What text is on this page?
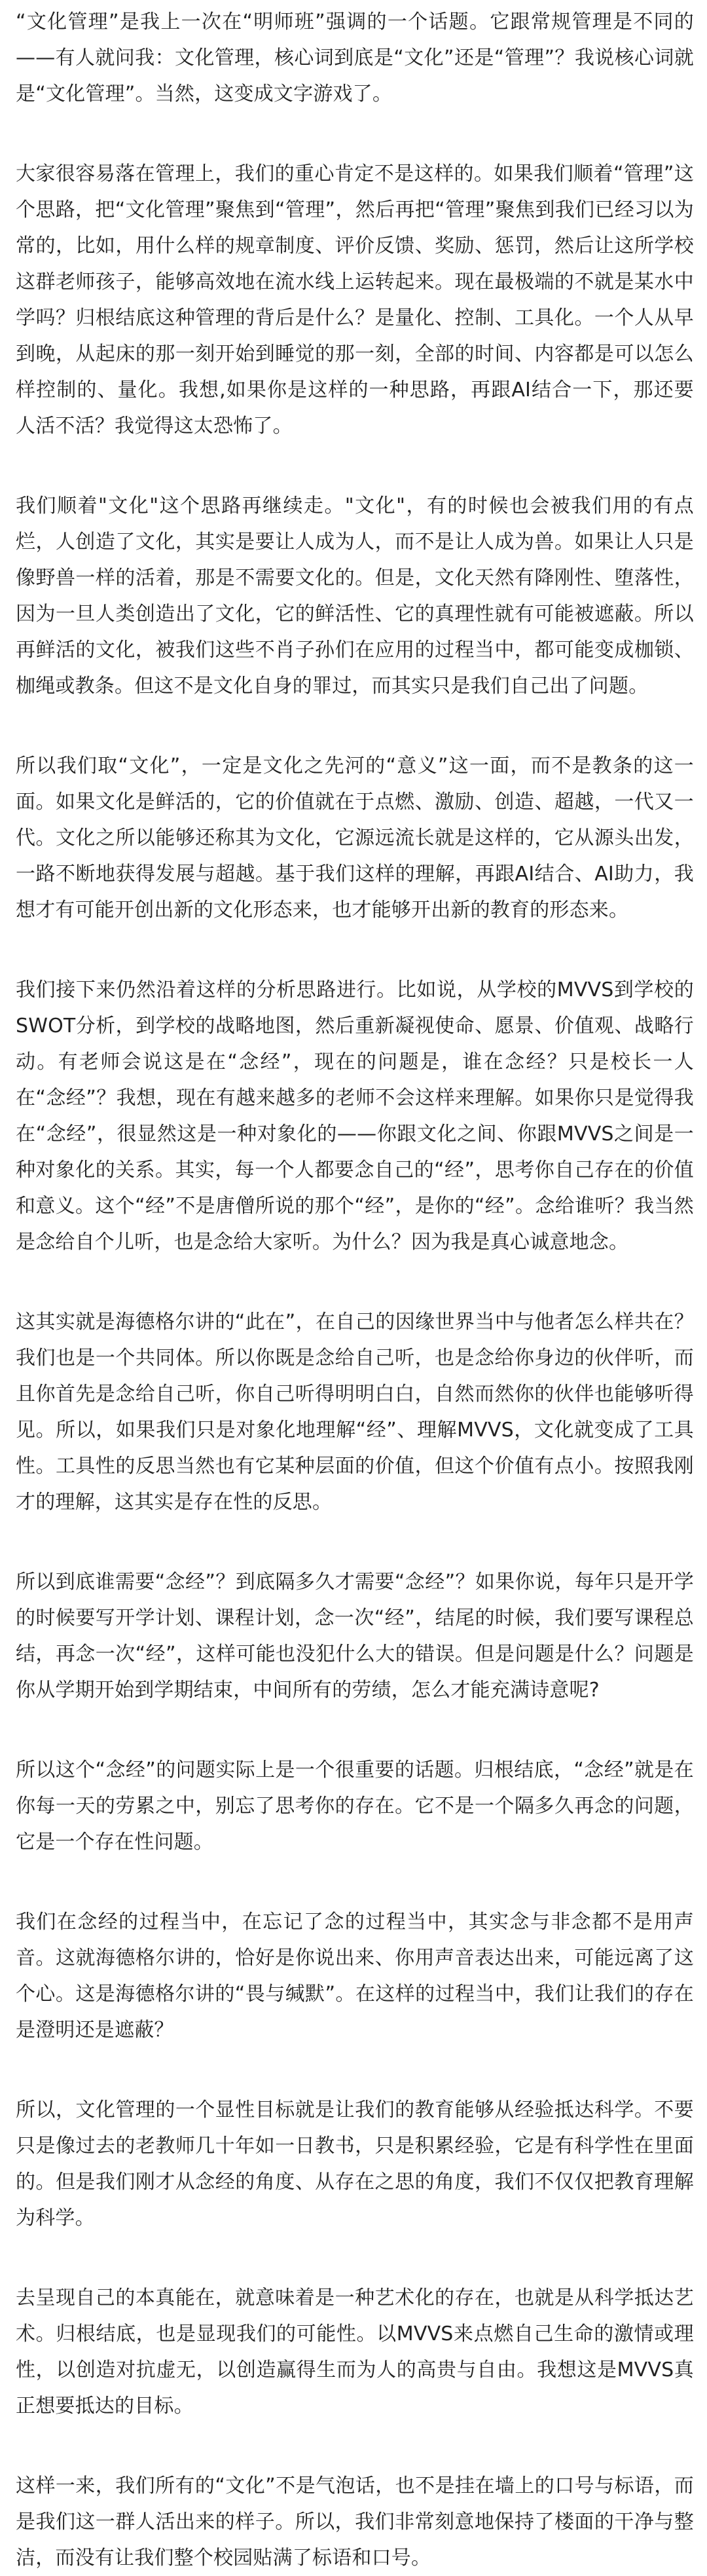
“文化管理”是我上一次在“明师班”强调的一个话题。它跟常规管理是不同的——有人就问我：文化管理，核心词到底是“文化”还是“管理”？我说核心词就是“文化管理”。当然，这变成文字游戏了。

大家很容易落在管理上，我们的重心肯定不是这样的。如果我们顺着“管理”这个思路，把“文化管理”聚焦到“管理”，然后再把“管理”聚焦到我们已经习以为常的，比如，用什么样的规章制度、评价反馈、奖励、惩罚，然后让这所学校这群老师孩子，能够高效地在流水线上运转起来。现在最极端的不就是某水中学吗？归根结底这种管理的背后是什么？是量化、控制、工具化。一个人从早到晚，从起床的那一刻开始到睡觉的那一刻，全部的时间、内容都是可以怎么样控制的、量化。我想,如果你是这样的一种思路，再跟AI结合一下，那还要人活不活？我觉得这太恐怖了。

我们顺着"文化"这个思路再继续走。"文化"，有的时候也会被我们用的有点烂，人创造了文化，其实是要让人成为人，而不是让人成为兽。如果让人只是像野兽一样的活着，那是不需要文化的。但是，文化天然有降刚性、堕落性，因为一旦人类创造出了文化，它的鲜活性、它的真理性就有可能被遮蔽。所以再鲜活的文化，被我们这些不肖子孙们在应用的过程当中，都可能变成枷锁、枷绳或教条。但这不是文化自身的罪过，而其实只是我们自己出了问题。

所以我们取“文化”，一定是文化之先河的“意义”这一面，而不是教条的这一面。如果文化是鲜活的，它的价值就在于点燃、激励、创造、超越，一代又一代。文化之所以能够还称其为文化，它源远流长就是这样的，它从源头出发，一路不断地获得发展与超越。基于我们这样的理解，再跟AI结合、AI助力，我想才有可能开创出新的文化形态来，也才能够开出新的教育的形态来。

我们接下来仍然沿着这样的分析思路进行。比如说，从学校的MVVS到学校的 SWOT分析，到学校的战略地图，然后重新凝视使命、愿景、价值观、战略行动。有老师会说这是在“念经”，现在的问题是，谁在念经？只是校长一人在“念经”？我想，现在有越来越多的老师不会这样来理解。如果你只是觉得我在“念经”，很显然这是一种对象化的——你跟文化之间、你跟MVVS之间是一种对象化的关系。其实，每一个人都要念自己的“经”，思考你自己存在的价值和意义。这个“经”不是唐僧所说的那个“经”，是你的“经”。念给谁听？我当然是念给自个儿听，也是念给大家听。为什么？因为我是真心诚意地念。

这其实就是海德格尔讲的“此在”，在自己的因缘世界当中与他者怎么样共在？我们也是一个共同体。所以你既是念给自己听，也是念给你身边的伙伴听，而且你首先是念给自己听，你自己听得明明白白，自然而然你的伙伴也能够听得见。所以，如果我们只是对象化地理解“经”、理解MVVS，文化就变成了工具性。工具性的反思当然也有它某种层面的价值，但这个价值有点小。按照我刚才的理解，这其实是存在性的反思。

所以到底谁需要“念经”？到底隔多久才需要“念经”？如果你说，每年只是开学的时候要写开学计划、课程计划，念一次“经”，结尾的时候，我们要写课程总结，再念一次“经”，这样可能也没犯什么大的错误。但是问题是什么？问题是你从学期开始到学期结束，中间所有的劳绩，怎么才能充满诗意呢?

所以这个“念经”的问题实际上是一个很重要的话题。归根结底，“念经”就是在你每一天的劳累之中，别忘了思考你的存在。它不是一个隔多久再念的问题，它是一个存在性问题。

我们在念经的过程当中，在忘记了念的过程当中，其实念与非念都不是用声音。这就海德格尔讲的，恰好是你说出来、你用声音表达出来，可能远离了这个心。这是海德格尔讲的“畏与缄默”。在这样的过程当中，我们让我们的存在是澄明还是遮蔽？

所以，文化管理的一个显性目标就是让我们的教育能够从经验抵达科学。不要只是像过去的老教师几十年如一日教书，只是积累经验，它是有科学性在里面的。但是我们刚才从念经的角度、从存在之思的角度，我们不仅仅把教育理解为科学。

去呈现自己的本真能在，就意味着是一种艺术化的存在，也就是从科学抵达艺术。归根结底，也是显现我们的可能性。以MVVS来点燃自己生命的激情或理性，以创造对抗虚无，以创造赢得生而为人的高贵与自由。我想这是MVVS真正想要抵达的目标。

这样一来，我们所有的“文化”不是气泡话，也不是挂在墙上的口号与标语，而是我们这一群人活出来的样子。所以，我们非常刻意地保持了楼面的干净与整洁，而没有让我们整个校园贴满了标语和口号。
